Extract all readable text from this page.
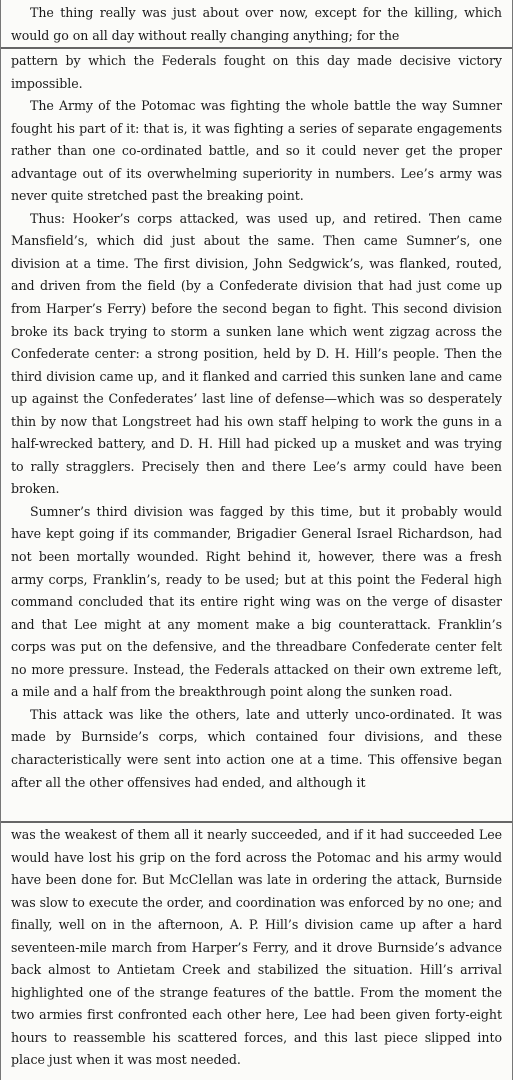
The thing really was just about over now, except for the killing, which would go on all day without really changing anything; for the

pattern by which the Federals fought on this day made decisive victory impossible.

The Army of the Potomac was fighting the whole battle the way Sumner fought his part of it: that is, it was fighting a series of separate engagements rather than one co-ordinated battle, and so it could never get the proper advantage out of its overwhelming superiority in numbers. Lee’s army was never quite stretched past the breaking point.

Thus: Hooker’s corps attacked, was used up, and retired. Then came Mansfield’s, which did just about the same. Then came Sumner’s, one division at a time. The first division, John Sedgwick’s, was flanked, routed, and driven from the field (by a Confederate division that had just come up from Harper’s Ferry) before the second began to fight. This second division broke its back trying to storm a sunken lane which went zigzag across the Confederate center: a strong position, held by D. H. Hill’s people. Then the third division came up, and it flanked and carried this sunken lane and came up against the Confederates’ last line of defense—which was so desperately thin by now that Longstreet had his own staff helping to work the guns in a half-wrecked battery, and D. H. Hill had picked up a musket and was trying to rally stragglers. Precisely then and there Lee’s army could have been broken.

Sumner’s third division was fagged by this time, but it probably would have kept going if its commander, Brigadier General Israel Richardson, had not been mortally wounded. Right behind it, however, there was a fresh army corps, Franklin’s, ready to be used; but at this point the Federal high command concluded that its entire right wing was on the verge of disaster and that Lee might at any moment make a big counterattack. Franklin’s corps was put on the defensive, and the threadbare Confederate center felt no more pressure. Instead, the Federals attacked on their own extreme left, a mile and a half from the breakthrough point along the sunken road.

This attack was like the others, late and utterly unco-ordinated. It was made by Burnside’s corps, which contained four divisions, and these characteristically were sent into action one at a time. This offensive began after all the other offensives had ended, and although it

was the weakest of them all it nearly succeeded, and if it had succeeded Lee would have lost his grip on the ford across the Potomac and his army would have been done for. But McClellan was late in ordering the attack, Burnside was slow to execute the order, and coordination was enforced by no one; and finally, well on in the afternoon, A. P. Hill’s division came up after a hard seventeen-mile march from Harper’s Ferry, and it drove Burnside’s advance back almost to Antietam Creek and stabilized the situation. Hill’s arrival highlighted one of the strange features of the battle. From the moment the two armies first confronted each other here, Lee had been given forty-eight hours to reassemble his scattered forces, and this last piece slipped into place just when it was most needed.
